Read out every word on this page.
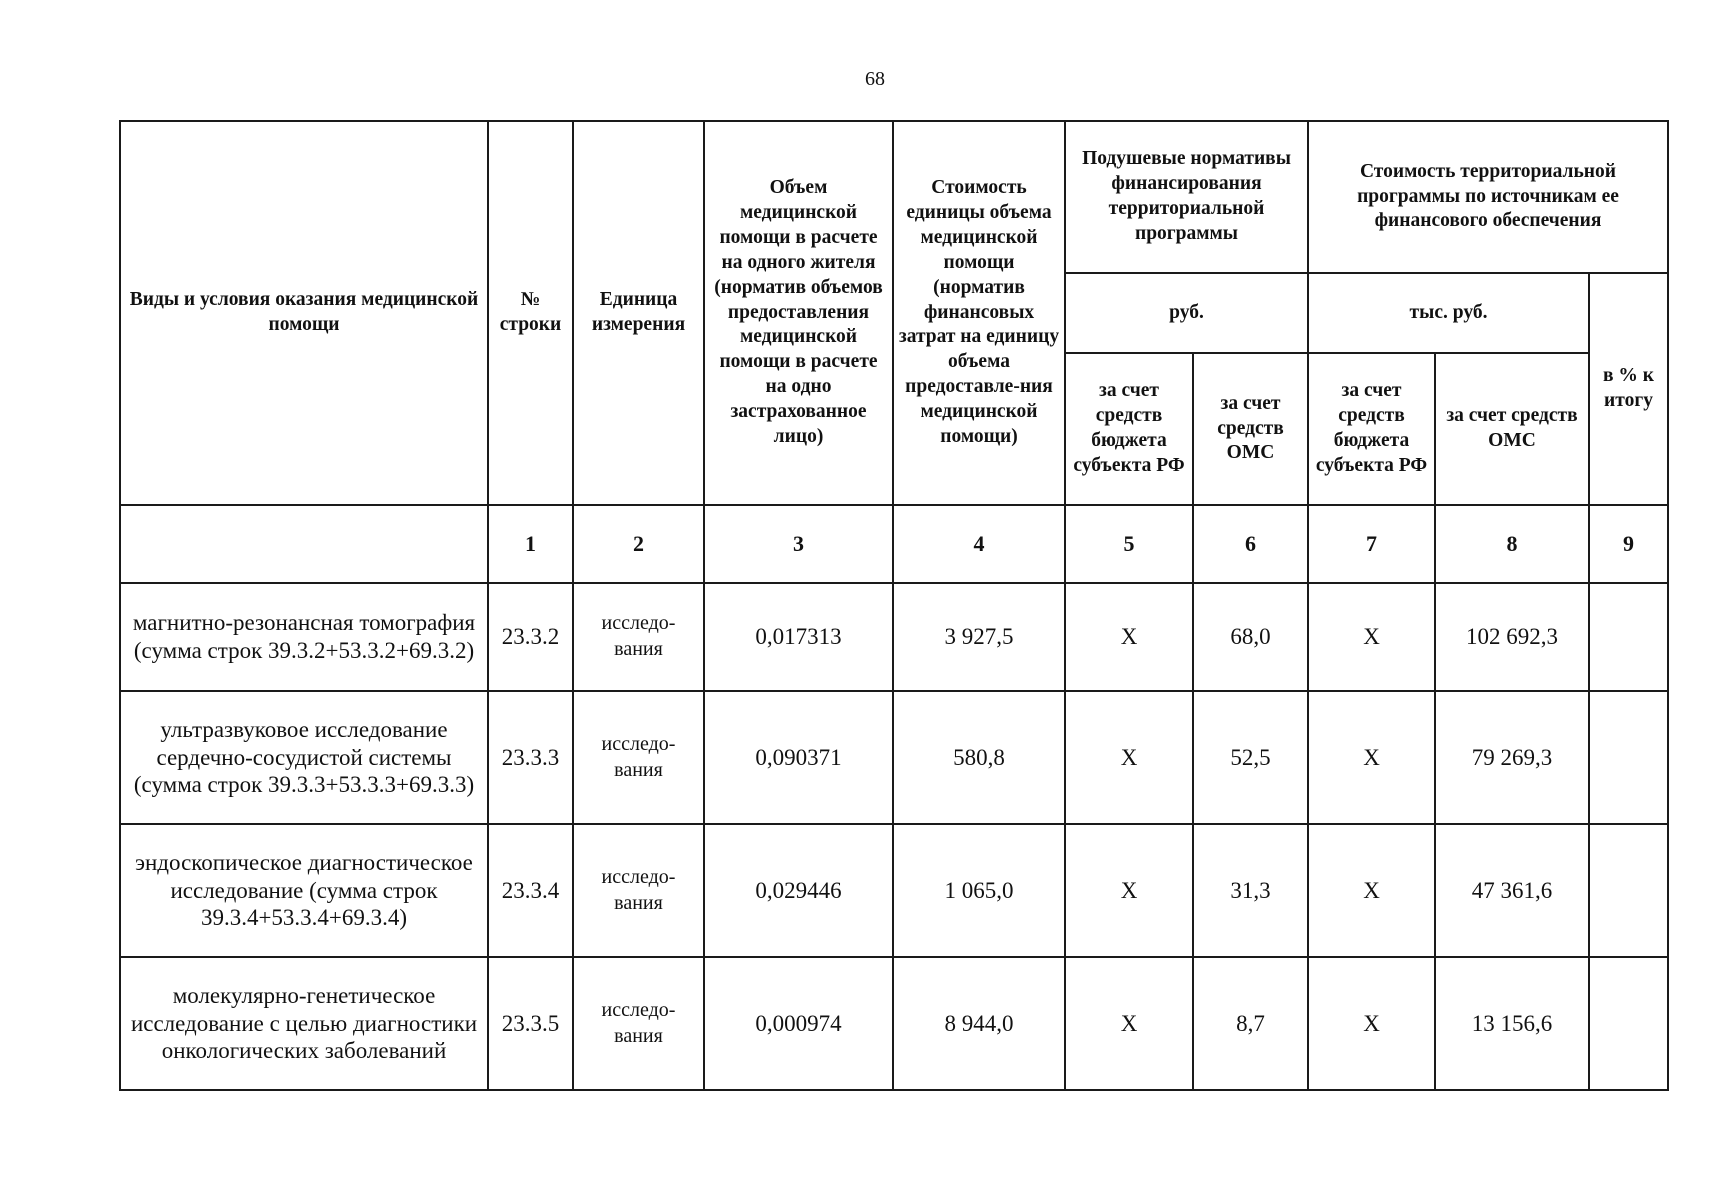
68
Виды и условия оказания медицинской помощи	№ строки	Единица измерения	Объем медицинской помощи в расчете на одного жителя (норматив объемов предоставления медицинской помощи в расчете на одно застрахованное лицо)	Стоимость единицы объема медицинской помощи (норматив финансовых затрат на единицу объема предоставле-ния медицинской помощи)	Подушевые нормативы финансирования территориальной программы		Стоимость территориальной программы по источникам ее финансового обеспечения		
					руб.		тыс. руб.		в % к итогу
					за счет средств бюджета субъекта РФ	за счет средств ОМС	за счет средств бюджета субъекта РФ	за счет средств ОМС	
	1	2	3	4	5	6	7	8	9
магнитно-резонансная томография (сумма строк 39.3.2+53.3.2+69.3.2)	23.3.2	исследо-вания	0,017313	3 927,5	Х	68,0	Х	102 692,3	
ультразвуковое исследование сердечно-сосудистой системы (сумма строк 39.3.3+53.3.3+69.3.3)	23.3.3	исследо-вания	0,090371	580,8	Х	52,5	Х	79 269,3	
эндоскопическое диагностическое исследование (сумма строк 39.3.4+53.3.4+69.3.4)	23.3.4	исследо-вания	0,029446	1 065,0	Х	31,3	Х	47 361,6	
молекулярно-генетическое исследование с целью диагностики онкологических заболеваний	23.3.5	исследо-вания	0,000974	8 944,0	Х	8,7	Х	13 156,6	
